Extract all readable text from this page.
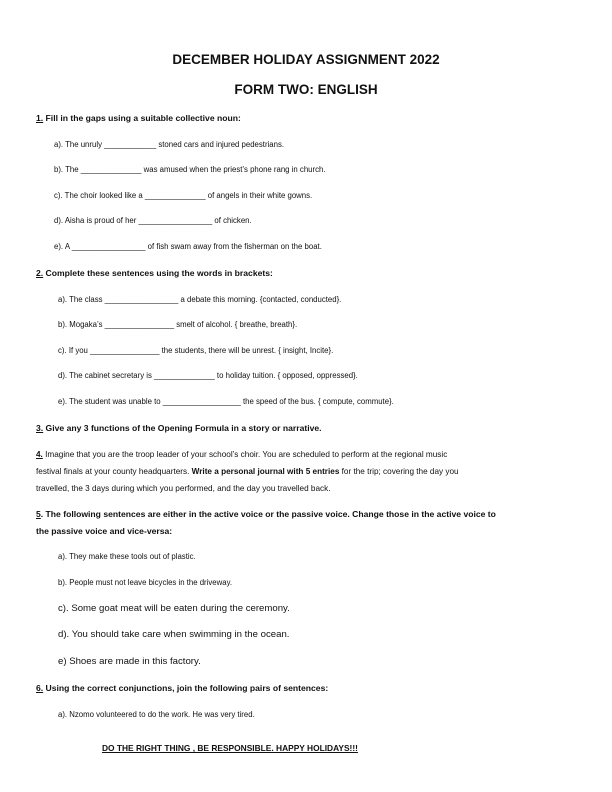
DECEMBER HOLIDAY ASSIGNMENT 2022
FORM TWO: ENGLISH
1. Fill in the gaps using a suitable collective noun:
a). The unruly ____________ stoned cars and injured pedestrians.
b). The ______________ was amused when the priest’s phone rang in church.
c). The choir looked like a ______________ of angels in their white gowns.
d). Aisha is proud of her _________________ of chicken.
e). A _________________ of fish swam away from the fisherman on the boat.
2. Complete these sentences using the words in brackets:
a). The class _________________ a debate this morning. {contacted, conducted}.
b). Mogaka’s ________________ smelt of alcohol. { breathe, breath}.
c). If you ________________ the students, there will be unrest. { insight, Incite}.
d). The cabinet secretary is ______________ to holiday tuition. { opposed, oppressed}.
e). The student was unable to __________________ the speed of the bus. { compute, commute}.
3. Give any 3 functions of the Opening Formula in a story or narrative.
4. Imagine that you are the troop leader of your school’s choir. You are scheduled to perform at the regional music
festival finals at your county headquarters. Write a personal journal with 5 entries for the trip; covering the day you
travelled, the 3 days during which you performed, and the day you travelled back.
5. The following sentences are either in the active voice or the passive voice. Change those in the active voice to
the passive voice and vice-versa:
a). They make these tools out of plastic.
b). People must not leave bicycles in the driveway.
c). Some goat meat will be eaten during the ceremony.
d). You should take care when swimming in the ocean.
e) Shoes are made in this factory.
6. Using the correct conjunctions, join the following pairs of sentences:
a). Nzomo volunteered to do the work. He was very tired.
DO THE RIGHT THING , BE RESPONSIBLE. HAPPY HOLIDAYS!!!
